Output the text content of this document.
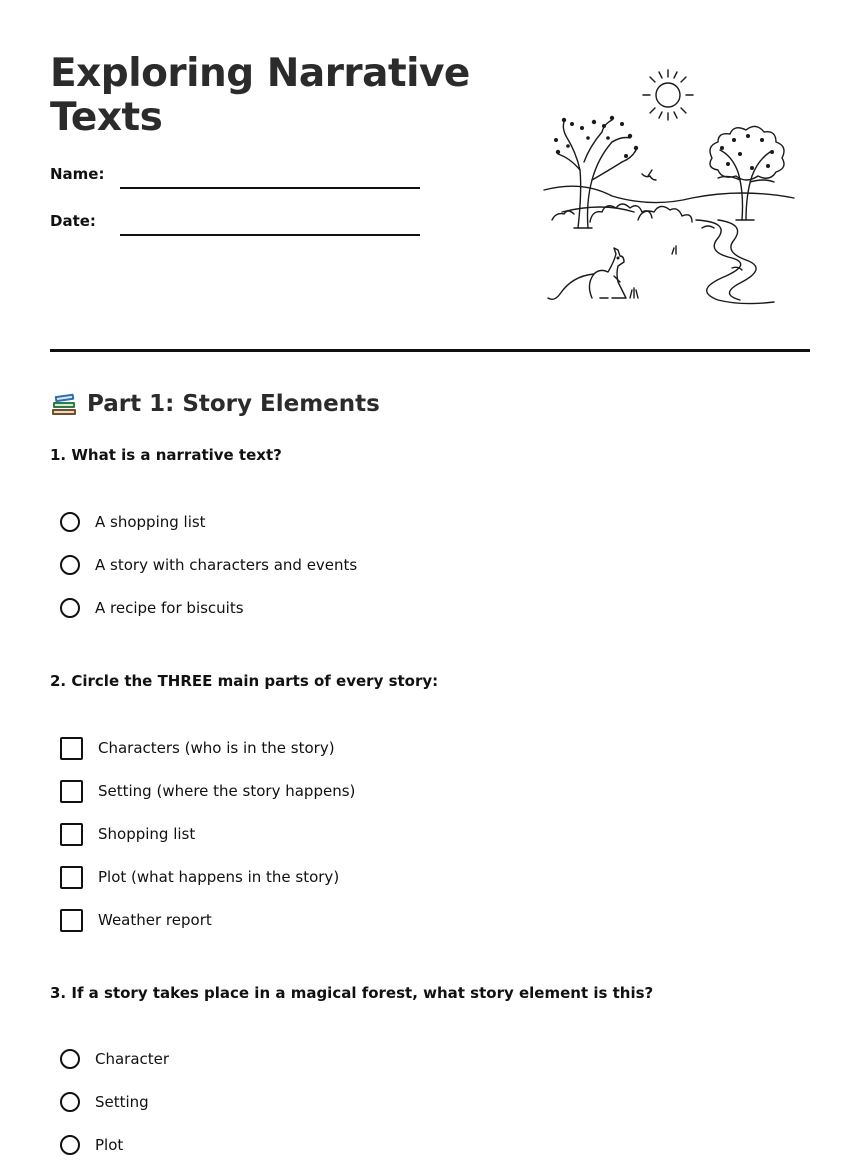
Exploring Narrative Texts
Name:
Date:
Part 1: Story Elements
1. What is a narrative text?
A shopping list
A story with characters and events
A recipe for biscuits
2. Circle the THREE main parts of every story:
Characters (who is in the story)
Setting (where the story happens)
Shopping list
Plot (what happens in the story)
Weather report
3. If a story takes place in a magical forest, what story element is this?
Character
Setting
Plot
